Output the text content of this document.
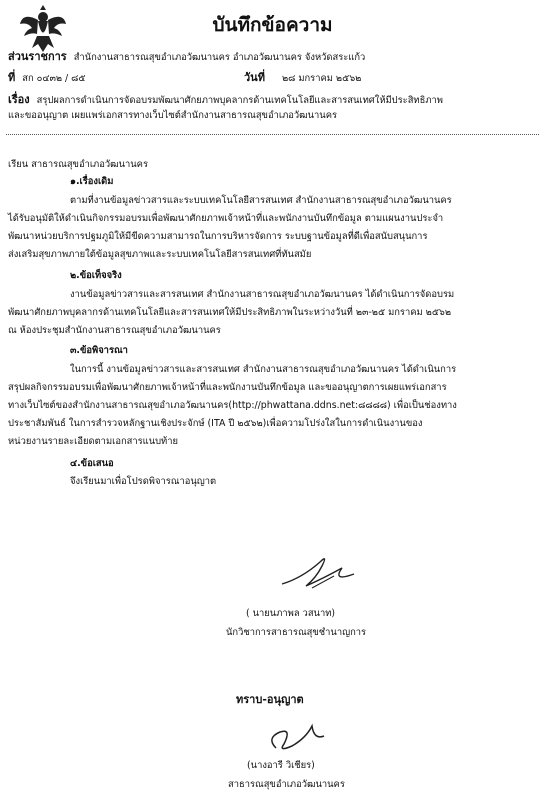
บันทึกข้อความ
ส่วนราชการ สำนักงานสาธารณสุขอำเภอวัฒนานคร อำเภอวัฒนานคร จังหวัดสระแก้ว
ที่ สก ๐๔๓๒ / ๘๕	วันที่ ๒๘ มกราคม ๒๕๖๒
เรื่อง สรุปผลการดำเนินการจัดอบรมพัฒนาศักยภาพบุคลากรด้านเทคโนโลยีและสารสนเทศให้มีประสิทธิภาพ
และขออนุญาต เผยแพร่เอกสารทางเว็บไซต์สำนักงานสาธารณสุขอำเภอวัฒนานคร
เรียน สาธารณสุขอำเภอวัฒนานคร
๑.เรื่องเดิม
ตามที่งานข้อมูลข่าวสารและระบบเทคโนโลยีสารสนเทศ สำนักงานสาธารณสุขอำเภอวัฒนานคร
ได้รับอนุมัติให้ดำเนินกิจกรรมอบรมเพื่อพัฒนาศักยภาพเจ้าหน้าที่และพนักงานบันทึกข้อมูล ตามแผนงานประจำ
พัฒนาหน่วยบริการปฐมภูมิให้มีขีดความสามารถในการบริหารจัดการ ระบบฐานข้อมูลที่ดีเพื่อสนับสนุนการ
ส่งเสริมสุขภาพภายใต้ข้อมูลสุขภาพและระบบเทคโนโลยีสารสนเทศที่ทันสมัย
๒.ข้อเท็จจริง
งานข้อมูลข่าวสารและสารสนเทศ สำนักงานสาธารณสุขอำเภอวัฒนานคร ได้ดำเนินการจัดอบรม
พัฒนาศักยภาพบุคลากรด้านเทคโนโลยีและสารสนเทศให้มีประสิทธิภาพในระหว่างวันที่ ๒๓-๒๕ มกราคม ๒๕๖๒
ณ ห้องประชุมสำนักงานสาธารณสุขอำเภอวัฒนานคร
๓.ข้อพิจารณา
ในการนี้ งานข้อมูลข่าวสารและสารสนเทศ สำนักงานสาธารณสุขอำเภอวัฒนานคร ได้ดำเนินการ
สรุปผลกิจกรรมอบรมเพื่อพัฒนาศักยภาพเจ้าหน้าที่และพนักงานบันทึกข้อมูล และขออนุญาตการเผยแพร่เอกสาร
ทางเว็บไซต์ของสำนักงานสาธารณสุขอำเภอวัฒนานคร(http://phwattana.ddns.net:๘๘๘๘) เพื่อเป็นช่องทาง
ประชาสัมพันธ์ ในการสำรวจหลักฐานเชิงประจักษ์ (ITA ปี ๒๕๖๒)เพื่อความโปร่งใสในการดำเนินงานของ
หน่วยงานรายละเอียดตามเอกสารแนบท้าย
๔.ข้อเสนอ
จึงเรียนมาเพื่อโปรดพิจารณาอนุญาต
( นายนภาพล วสนาท)
นักวิชาการสาธารณสุขชำนาญการ
ทราบ-อนุญาต
(นางอารี วิเชียร)
สาธารณสุขอำเภอวัฒนานคร
